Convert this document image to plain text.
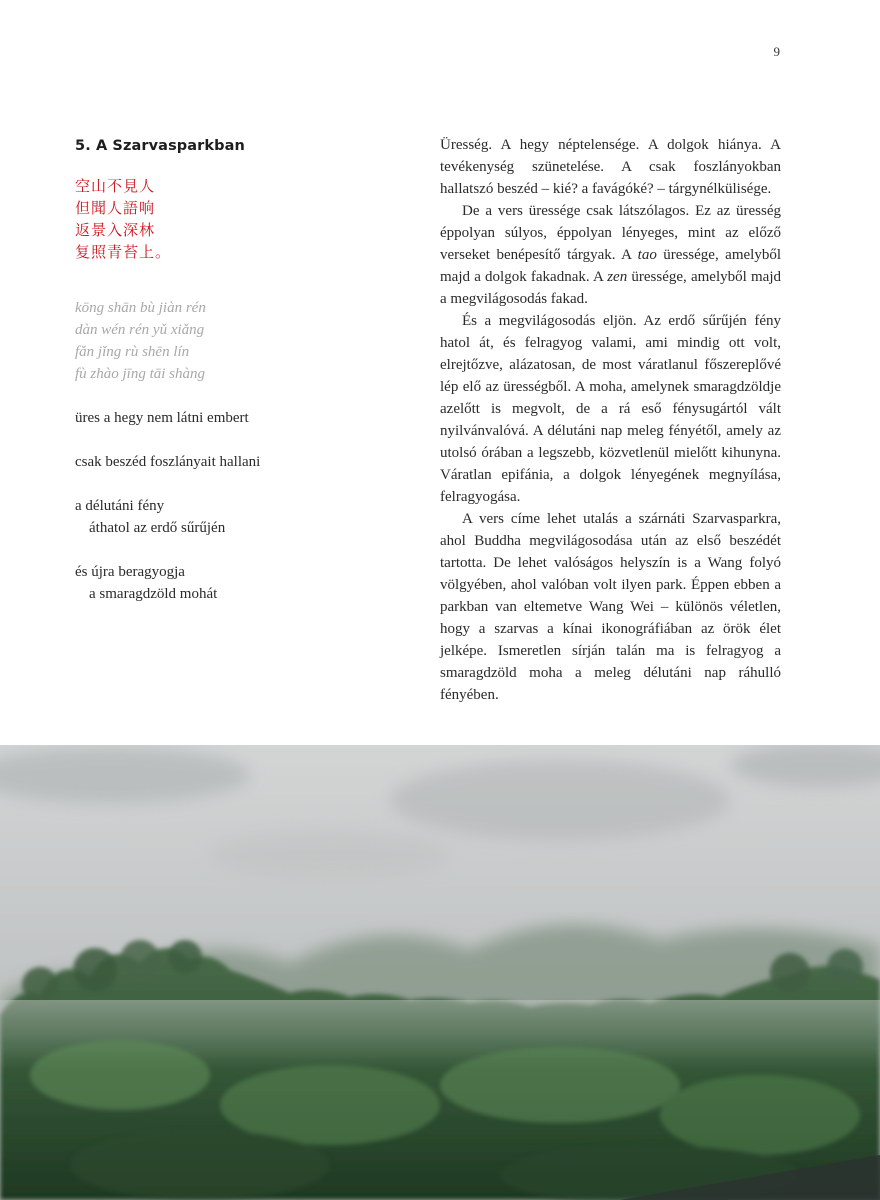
9
5. A Szarvasparkban
空山不見人
但聞人語响
返景入深林
复照青苔上。
kōng shān bù jiàn rén
dàn wén rén yǔ xiǎng
fǎn jǐng rù shēn lín
fù zhào jīng tāi shàng
üres a hegy nem látni embert
csak beszéd foszlányait hallani
a délutáni fény
áthatol az erdő sűrűjén
és újra beragyogja
a smaragdzöld mohát

Üresség. A hegy néptelensége. A dolgok hiánya. A tevékenység szünetelése. A csak foszlányokban hallatszó beszéd – kié? a favágóké? – tárgynélkülisége.

De a vers üressége csak látszólagos. Ez az üresség éppolyan súlyos, éppolyan lényeges, mint az előző verseket benépesítő tárgyak. A tao üressége, amelyből majd a dolgok fakadnak. A zen üressége, amelyből majd a megvilágosodás fakad.

És a megvilágosodás eljön. Az erdő sűrűjén fény hatol át, és felragyog valami, ami mindig ott volt, elrejtőzve, alázatosan, de most váratlanul főszereplővé lép elő az ürességből. A moha, amelynek smaragdzöldje azelőtt is megvolt, de a rá eső fénysugártól vált nyilvánvalóvá. A délutáni nap meleg fényétől, amely az utolsó órában a legszebb, közvetlenül mielőtt kihunyna. Váratlan epifánia, a dolgok lényegének megnyílása, felragyogása.

A vers címe lehet utalás a szárnáti Szarvasparkra, ahol Buddha megvilágosodása után az első beszédét tartotta. De lehet valóságos helyszín is a Wang folyó völgyében, ahol valóban volt ilyen park. Éppen ebben a parkban van eltemetve Wang Wei – különös véletlen, hogy a szarvas a kínai ikonográfiában az örök élet jelképe. Ismeretlen sírján talán ma is felragyog a smaragdzöld moha a meleg délutáni nap ráhulló fényében.
